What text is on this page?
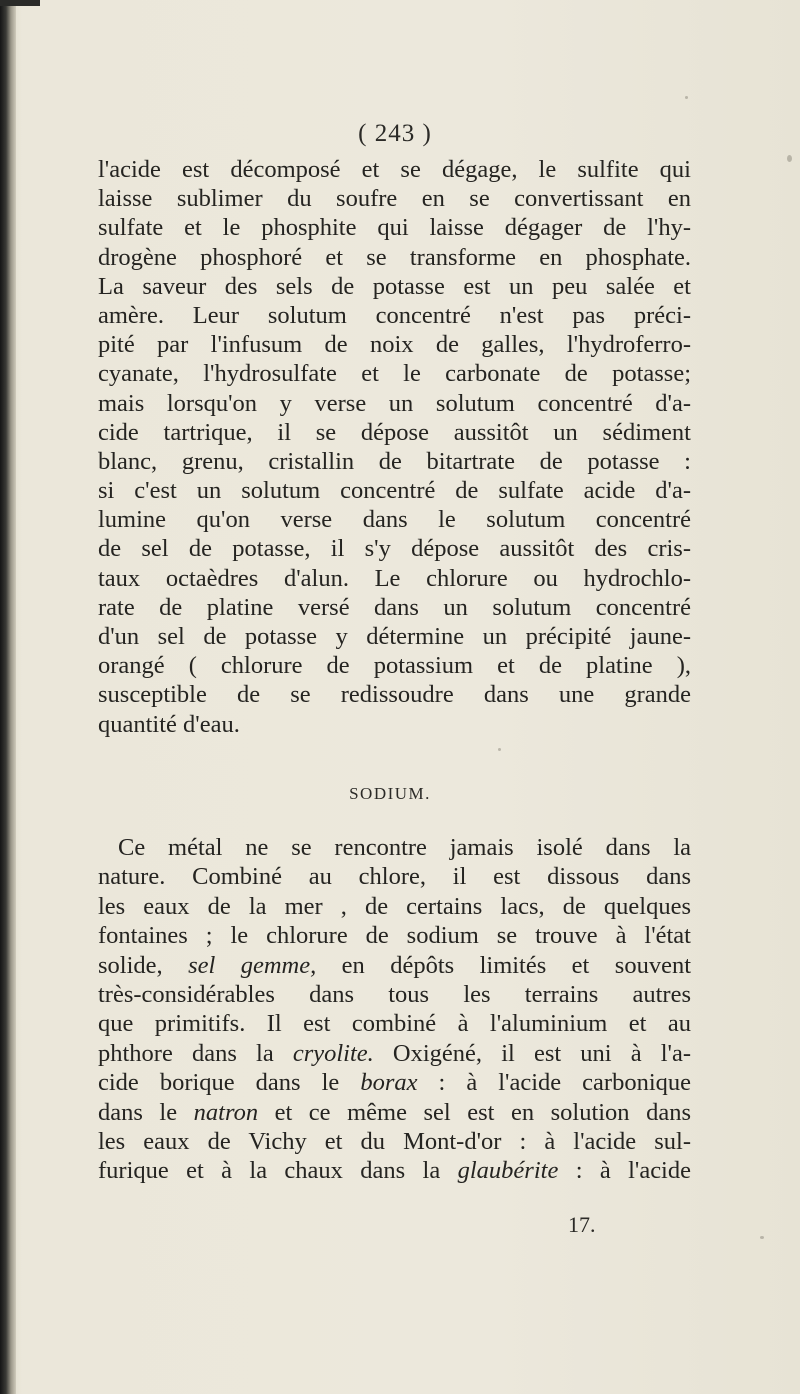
( 243 )
l'acide est décomposé et se dégage, le sulfite qui
laisse sublimer du soufre en se convertissant en
sulfate et le phosphite qui laisse dégager de l'hy-
drogène phosphoré et se transforme en phosphate.
La saveur des sels de potasse est un peu salée et
amère. Leur solutum concentré n'est pas préci-
pité par l'infusum de noix de galles, l'hydroferro-
cyanate, l'hydrosulfate et le carbonate de potasse;
mais lorsqu'on y verse un solutum concentré d'a-
cide tartrique, il se dépose aussitôt un sédiment
blanc, grenu, cristallin de bitartrate de potasse :
si c'est un solutum concentré de sulfate acide d'a-
lumine qu'on verse dans le solutum concentré
de sel de potasse, il s'y dépose aussitôt des cris-
taux octaèdres d'alun. Le chlorure ou hydrochlo-
rate de platine versé dans un solutum concentré
d'un sel de potasse y détermine un précipité jaune-
orangé ( chlorure de potassium et de platine ),
susceptible de se redissoudre dans une grande
quantité d'eau.
SODIUM.
Ce métal ne se rencontre jamais isolé dans la
nature. Combiné au chlore, il est dissous dans
les eaux de la mer , de certains lacs, de quelques
fontaines ; le chlorure de sodium se trouve à l'état
solide, sel gemme, en dépôts limités et souvent
très-considérables dans tous les terrains autres
que primitifs. Il est combiné à l'aluminium et au
phthore dans la cryolite. Oxigéné, il est uni à l'a-
cide borique dans le borax : à l'acide carbonique
dans le natron et ce même sel est en solution dans
les eaux de Vichy et du Mont-d'or : à l'acide sul-
furique et à la chaux dans la glaubérite : à l'acide
17.
